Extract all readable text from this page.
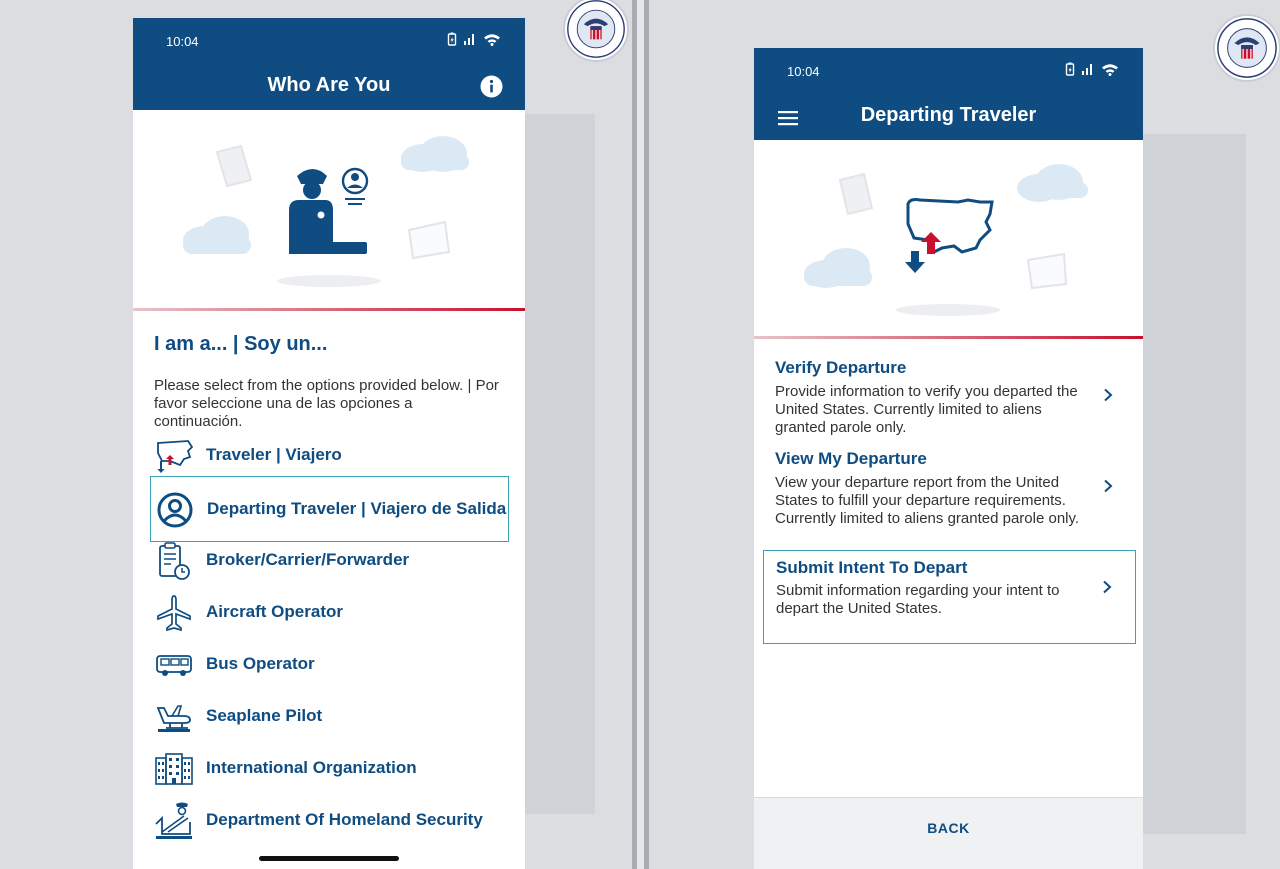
10:04
Who Are You
I am a... | Soy un...
Please select from the options provided below. | Por favor seleccione una de las opciones a continuación.
Traveler | Viajero
Departing Traveler | Viajero de Salida
Broker/Carrier/Forwarder
Aircraft Operator
Bus Operator
Seaplane Pilot
International Organization
Department Of Homeland Security
10:04
Departing Traveler
Verify Departure
Provide information to verify you departed the United States. Currently limited to aliens granted parole only.
View My Departure
View your departure report from the United States to fulfill your departure requirements. Currently limited to aliens granted parole only.
Submit Intent To Depart
Submit information regarding your intent to depart the United States.
BACK
